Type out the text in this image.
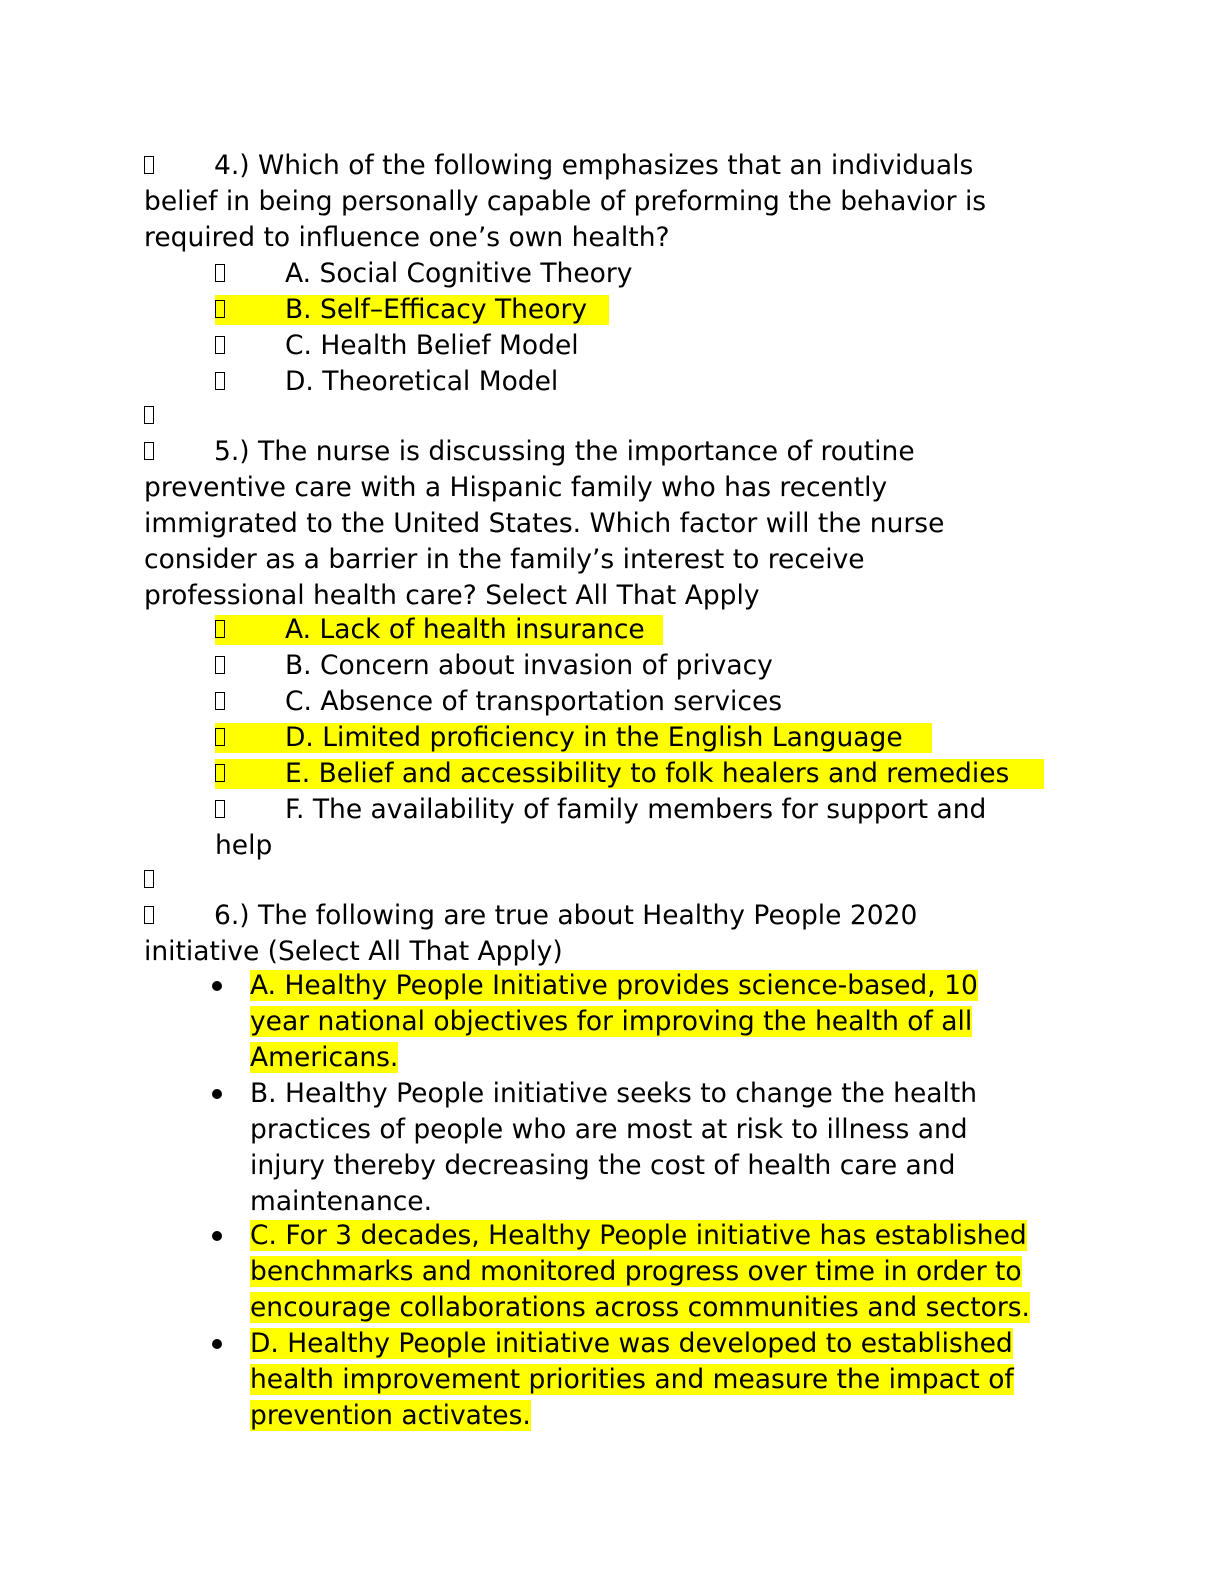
4.) Which of the following emphasizes that an individuals
belief in being personally capable of preforming the behavior is
required to influence one’s own health?
A. Social Cognitive Theory
B. Self–Efficacy Theory
C. Health Belief Model
D. Theoretical Model
5.) The nurse is discussing the importance of routine
preventive care with a Hispanic family who has recently
immigrated to the United States. Which factor will the nurse
consider as a barrier in the family’s interest to receive
professional health care? Select All That Apply
A. Lack of health insurance
B. Concern about invasion of privacy
C. Absence of transportation services
D. Limited proficiency in the English Language
E. Belief and accessibility to folk healers and remedies
F. The availability of family members for support and
help
6.) The following are true about Healthy People 2020
initiative (Select All That Apply)
A. Healthy People Initiative provides science-based, 10
year national objectives for improving the health of all
Americans.
B. Healthy People initiative seeks to change the health
practices of people who are most at risk to illness and
injury thereby decreasing the cost of health care and
maintenance.
C. For 3 decades, Healthy People initiative has established
benchmarks and monitored progress over time in order to
encourage collaborations across communities and sectors.
D. Healthy People initiative was developed to established
health improvement priorities and measure the impact of
prevention activates.
